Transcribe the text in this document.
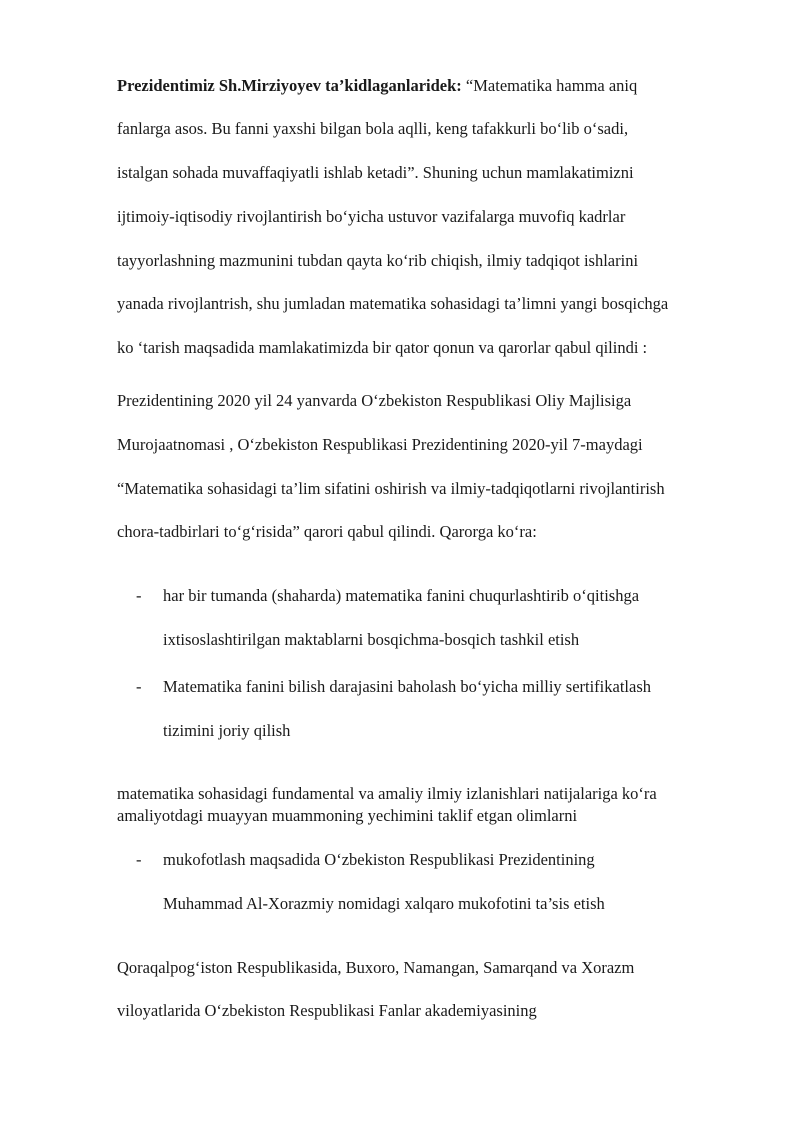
Prezidentimiz Sh.Mirziyoyev ta’kidlaganlaridek: “Matematika hamma aniq
fanlarga asos. Bu fanni yaxshi bilgan bola aqlli, keng tafakkurli bo‘lib o‘sadi,
istalgan sohada muvaffaqiyatli ishlab ketadi”. Shuning uchun mamlakatimizni
ijtimoiy-iqtisodiy rivojlantirish bo‘yicha ustuvor vazifalarga muvofiq kadrlar
tayyorlashning mazmunini tubdan qayta ko‘rib chiqish, ilmiy tadqiqot ishlarini
yanada rivojlantrish, shu jumladan matematika sohasidagi ta’limni yangi bosqichga
ko ‘tarish maqsadida mamlakatimizda bir qator qonun va qarorlar qabul qilindi :
Prezidentining 2020 yil 24 yanvarda O‘zbekiston Respublikasi Oliy Majlisiga
Murojaatnomasi , O‘zbekiston Respublikasi Prezidentining 2020-yil 7-maydagi
“Matematika sohasidagi ta’lim sifatini oshirish va ilmiy-tadqiqotlarni rivojlantirish
chora-tadbirlari to‘g‘risida” qarori qabul qilindi. Qarorga ko‘ra:
- har bir tumanda (shaharda) matematika fanini chuqurlashtirib o‘qitishga
ixtisoslashtirilgan maktablarni bosqichma-bosqich tashkil etish
- Matematika fanini bilish darajasini baholash bo‘yicha milliy sertifikatlash
tizimini joriy qilish
matematika sohasidagi fundamental va amaliy ilmiy izlanishlari natijalariga ko‘ra
amaliyotdagi muayyan muammoning yechimini taklif etgan olimlarni
- mukofotlash maqsadida O‘zbekiston Respublikasi Prezidentining
Muhammad Al-Xorazmiy nomidagi xalqaro mukofotini ta’sis etish
Qoraqalpog‘iston Respublikasida, Buxoro, Namangan, Samarqand va Xorazm
viloyatlarida O‘zbekiston Respublikasi Fanlar akademiyasining
